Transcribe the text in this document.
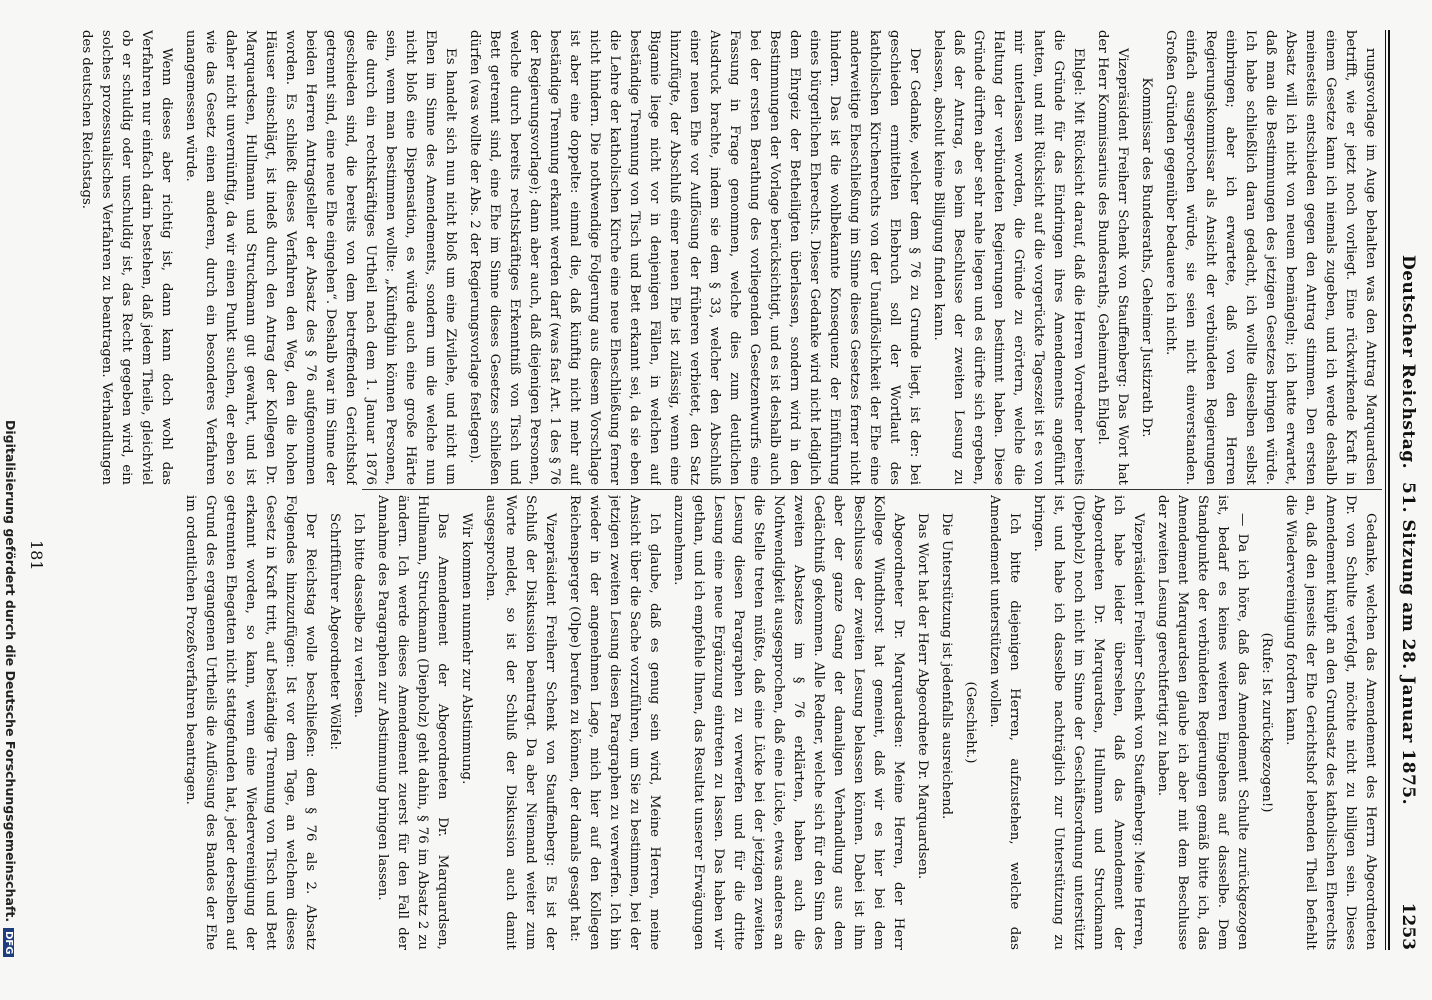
Deutscher Reichstag.  51. Sitzung am 28. Januar 1875.
1253

rungsvorlage im Auge behalten was den Antrag Marquardsen betrifft, wie er jetzt noch vorliegt. Eine rückwirkende Kraft in einem Gesetze kann ich niemals zugeben, und ich werde deshalb meinesteils entschieden gegen den Antrag stimmen. Den ersten Absatz will ich nicht von neuem bemängeln; ich hatte erwartet, daß man die Bestimmungen des jetzigen Gesetzes bringen würde. Ich habe schließlich daran gedacht, ich wollte dieselben selbst einbringen; aber ich erwartete, daß von den Herren Regierungskommissar als Ansicht der verbündeten Regierungen einfach ausgesprochen würde, sie seien nicht einverstanden. Großen Gründen gegenüber bedauere ich nicht.

Kommissar des Bundesraths, Geheimer Justizrath Dr.

Vizepräsident Freiherr Schenk von Stauffenberg: Das Wort hat der Herr Kommissarius des Bundesraths, Geheimrath Ehlgel.

Ehlgel: Mit Rücksicht darauf, daß die Herren Vorredner bereits die Gründe für das Eindringen ihres Amendements angeführt hatten, und mit Rücksicht auf die vorgerückte Tageszeit ist es von mir unterlassen worden, die Gründe zu erörtern, welche die Haltung der verbündeten Regierungen bestimmt haben. Diese Gründe dürften aber sehr nahe liegen und es dürfte sich ergeben, daß der Antrag, es beim Beschlusse der zweiten Lesung zu belassen, absolut keine Billigung finden kann.

Der Gedanke, welcher dem § 76 zu Grunde liegt, ist der: bei geschieden ermittelten Ehebruch soll der Wortlaut des katholischen Kirchenrechts von der Unauflöslichkeit der Ehe eine anderweitige Eheschließung im Sinne dieses Gesetzes ferner nicht hindern. Das ist die wohlbekannte Konsequenz der Einführung eines bürgerlichen Eherechts. Dieser Gedanke wird nicht lediglich dem Ehrgeiz der Betheiligten überlassen, sondern wird in den Bestimmungen der Vorlage berücksichtigt, und es ist deshalb auch bei der ersten Berathung des vorliegenden Gesetzentwurfs eine Fassung in Frage genommen, welche dies zum deutlichen Ausdruck brachte, indem sie dem § 33, welcher den Abschluß einer neuen Ehe vor Auflösung der früheren verbietet, den Satz hinzufügte, der Abschluß einer neuen Ehe ist zulässig, wenn eine Bigamie liege nicht vor in denjenigen Fällen, in welchen auf beständige Trennung von Tisch und Bett erkannt sei, da sie eben die Lehre der katholischen Kirche eine neue Eheschließung ferner nicht hindern. Die nothwendige Folgerung aus diesem Vorschlage ist aber eine doppelte: einmal die, daß künftig nicht mehr auf beständige Trennung erkannt werden darf (was fast Art. 1 des § 76 der Regierungsvorlage); dann aber auch, daß diejenigen Personen, welche durch bereits rechtskräftiges Erkenntniß von Tisch und Bett getrennt sind, eine Ehe im Sinne dieses Gesetzes schließen dürfen (was wollte der Abs. 2 der Regierungsvorlage festlegen).

Es handelt sich nun nicht bloß um eine Zivilehe, und nicht um Ehen im Sinne des Amendements, sondern um die welche nun nicht bloß eine Dispensation, es würde auch eine große Härte sein, wenn man bestimmen wollte: „Künftighin können Personen, die durch ein rechtskräftiges Urtheil nach dem 1. Januar 1876 geschieden sind, die bereits von dem betreffenden Gerichtshof getrennt sind, eine neue Ehe eingehen“. Deshalb war im Sinne der beiden Herren Antragsteller der Absatz des § 76 aufgenommen worden. Es schließt dieses Verfahren den Weg, den die hohen Häuser einschlägt, ist indeß durch den Antrag der Kollegen Dr. Marquardsen, Hullmann und Struckmann gut gewahrt, und ist daher nicht unvernünftig, da wir einen Punkt suchen, der eben so wie das Gesetz einen anderen, durch ein besonderes Verfahren unangemessen würde.

Wenn dieses aber richtig ist, dann kann doch wohl das Verfahren nur einfach darin bestehen, daß jedem Theile, gleichviel ob er schuldig oder unschuldig ist, das Recht gegeben wird, ein solches prozessualisches Verfahren zu beantragen. Verhandlungen des deutschen Reichstags.

Gedanke, welchen das Amendement des Herrn Abgeordneten Dr. von Schulte verfolgt, möchte nicht zu billigen sein. Dieses Amendement knüpft an den Grundsatz des katholischen Eherechts an, daß den jenseits der Ehe Gerichtshof lebenden Theil befiehlt die Wiedervereinigung fordern kann.

(Rufe: Ist zurückgezogen!)

— Da ich höre, daß das Amendement Schulte zurückgezogen ist, bedarf es keines weiteren Eingehens auf dasselbe. Dem Standpunkte der verbündeten Regierungen gemäß bitte ich, das Amendement Marquardsen glaube ich aber mit dem Beschlusse der zweiten Lesung gerechtfertigt zu haben.

Vizepräsident Freiherr Schenk von Stauffenberg: Meine Herren, ich habe leider übersehen, daß das Amendement der Abgeordneten Dr. Marquardsen, Hullmann und Struckmann (Diepholz) noch nicht im Sinne der Geschäftsordnung unterstützt ist, und habe ich dasselbe nachträglich zur Unterstützung zu bringen.

Ich bitte diejenigen Herren, aufzustehen, welche das Amendement unterstützen wollen.

(Geschieht.)

Die Unterstützung ist jedenfalls ausreichend.

Das Wort hat der Herr Abgeordnete Dr. Marquardsen.

Abgeordneter Dr. Marquardsen: Meine Herren, der Herr Kollege Windthorst hat gemeint, daß wir es hier bei dem Beschlusse der zweiten Lesung belassen können. Dabei ist ihm aber der ganze Gang der damaligen Verhandlung aus dem Gedächtniß gekommen. Alle Redner, welche sich für den Sinn des zweiten Absatzes im § 76 erklärten, haben auch die Nothwendigkeit ausgesprochen, daß eine Lücke, etwas anderes an die Stelle treten müßte, daß eine Lücke bei der jetzigen zweiten Lesung diesen Paragraphen zu verwerfen und für die dritte Lesung eine neue Ergänzung eintreten zu lassen. Das haben wir gethan, und ich empfehle Ihnen, das Resultat unserer Erwägungen anzunehmen.

Ich glaube, daß es genug sein wird, Meine Herren, meine Ansicht über die Sache vorzuführen, um Sie zu bestimmen, bei der jetzigen zweiten Lesung diesen Paragraphen zu verwerfen. Ich bin wieder in der angenehmen Lage, mich hier auf den Kollegen Reichensperger (Olpe) berufen zu können, der damals gesagt hat:

Vizepräsident Freiherr Schenk von Stauffenberg: Es ist der Schluß der Diskussion beantragt. Da aber Niemand weiter zum Worte meldet, so ist der Schluß der Diskussion auch damit ausgesprochen.

Wir kommen nunmehr zur Abstimmung.

Das Amendement der Abgeordneten Dr. Marquardsen, Hullmann, Struckmann (Diepholz) geht dahin, § 76 im Absatz 2 zu ändern. Ich werde dieses Amendement zuerst für den Fall der Annahme des Paragraphen zur Abstimmung bringen lassen.

Ich bitte dasselbe zu verlesen.

Schriftführer Abgeordneter Wölfel:

Der Reichstag wolle beschließen: dem § 76 als 2. Absatz Folgendes hinzuzufügen: Ist vor dem Tage, an welchem dieses Gesetz in Kraft tritt, auf beständige Trennung von Tisch und Bett erkannt worden, so kann, wenn eine Wiedervereinigung der getrennten Ehegatten nicht stattgefunden hat, jeder derselben auf Grund des ergangenen Urtheils die Auflösung des Bandes der Ehe im ordentlichen Prozeßverfahren beantragen.

181
Digitalisierung gefördert durch die Deutsche Forschungsgemeinschaft.DFG
